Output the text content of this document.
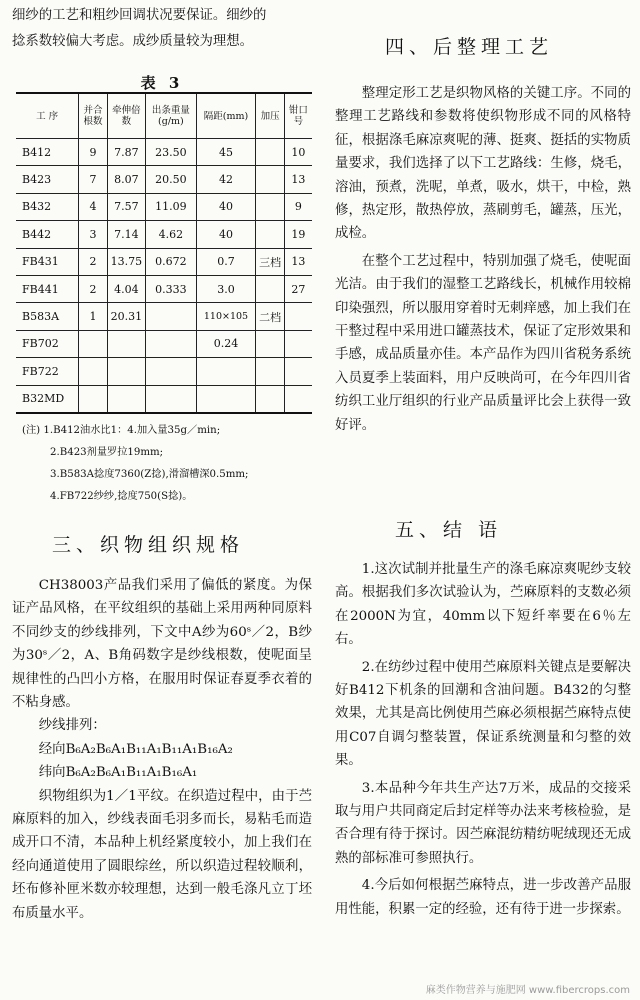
细纱的工艺和粗纱回调状况要保证。细纱的

捻系数较偏大考虑。成纱质量较为理想。

表 3
工 序	并合根数	牵伸倍数	出条重量(g/m)	隔距(mm)	加压	钳口号
B412	9	7.87	23.50	45		10
B423	7	8.07	20.50	42		13
B432	4	7.57	11.09	40		9
B442	3	7.14	4.62	40		19
FB431	2	13.75	0.672	0.7	三档	13
FB441	2	4.04	0.333	3.0		27
B583A	1	20.31		110×105	二档	
FB702				0.24		
FB722						
B32MD						
(注) 1.B412油水比1：4.加入量35g／min;
2.B423剂量罗拉19mm;
3.B583A捻度7360(Z捻),滑溜槽深0.5mm;
4.FB722纱纱,捻度750(S捻)。
三、织物组织规格

CH38003产品我们采用了偏低的紧度。为保证产品风格，在平纹组织的基础上采用两种同原料不同纱支的纱线排列，下文中A纱为60ˢ／2，B纱为30ˢ／2，A、B角码数字是纱线根数，使呢面呈规律性的凸凹小方格，在服用时保证春夏季衣着的不粘身感。

纱线排列：

经向B₆A₂B₆A₁B₁₁A₁B₁₁A₁B₁₆A₂

纬向B₆A₂B₆A₁B₁₁A₁B₁₆A₁

织物组织为1／1平纹。在织造过程中，由于苎麻原料的加入，纱线表面毛羽多而长，易粘毛而造成开口不清，本品种上机经紧度较小，加上我们在经向通道使用了圆眼综丝，所以织造过程较顺利，坯布修补匣米数亦较理想，达到一般毛涤凡立丁坯布质量水平。

四、后整理工艺

整理定形工艺是织物风格的关键工序。不同的整理工艺路线和参数将使织物形成不同的风格特征，根据涤毛麻凉爽呢的薄、挺爽、挺括的实物质量要求，我们选择了以下工艺路线：生修，烧毛，溶油，预煮，洗呢，单煮，吸水，烘干，中检，熟修，热定形，散热停放，蒸刷剪毛，罐蒸，压光，成检。

在整个工艺过程中，特别加强了烧毛，使呢面光洁。由于我们的湿整工艺路线长，机械作用较棉印染强烈，所以服用穿着时无刺痒感，加上我们在干整过程中采用进口罐蒸技术，保证了定形效果和手感，成品质量亦佳。本产品作为四川省税务系统入员夏季上装面料，用户反映尚可，在今年四川省纺织工业厅组织的行业产品质量评比会上获得一致好评。

五、结 语

1.这次试制并批量生产的涤毛麻凉爽呢纱支较高。根据我们多次试验认为，苎麻原料的支数必须在2000N为宜，40mm以下短纤率要在6％左右。

2.在纺纱过程中使用苎麻原料关键点是要解决好B412下机条的回潮和含油问题。B432的匀整效果，尤其是高比例使用苎麻必须根据苎麻特点使用C07自调匀整装置，保证系统测量和匀整的效果。

3.本品种今年共生产达7万米，成品的交接采取与用户共同商定后封定样等办法来考核检验，是否合理有待于探讨。因苎麻混纺精纺呢绒现还无成熟的部标准可参照执行。

4.今后如何根据苎麻特点，进一步改善产品服用性能，积累一定的经验，还有待于进一步探索。

麻类作物营养与施肥网 www.fibercrops.com
